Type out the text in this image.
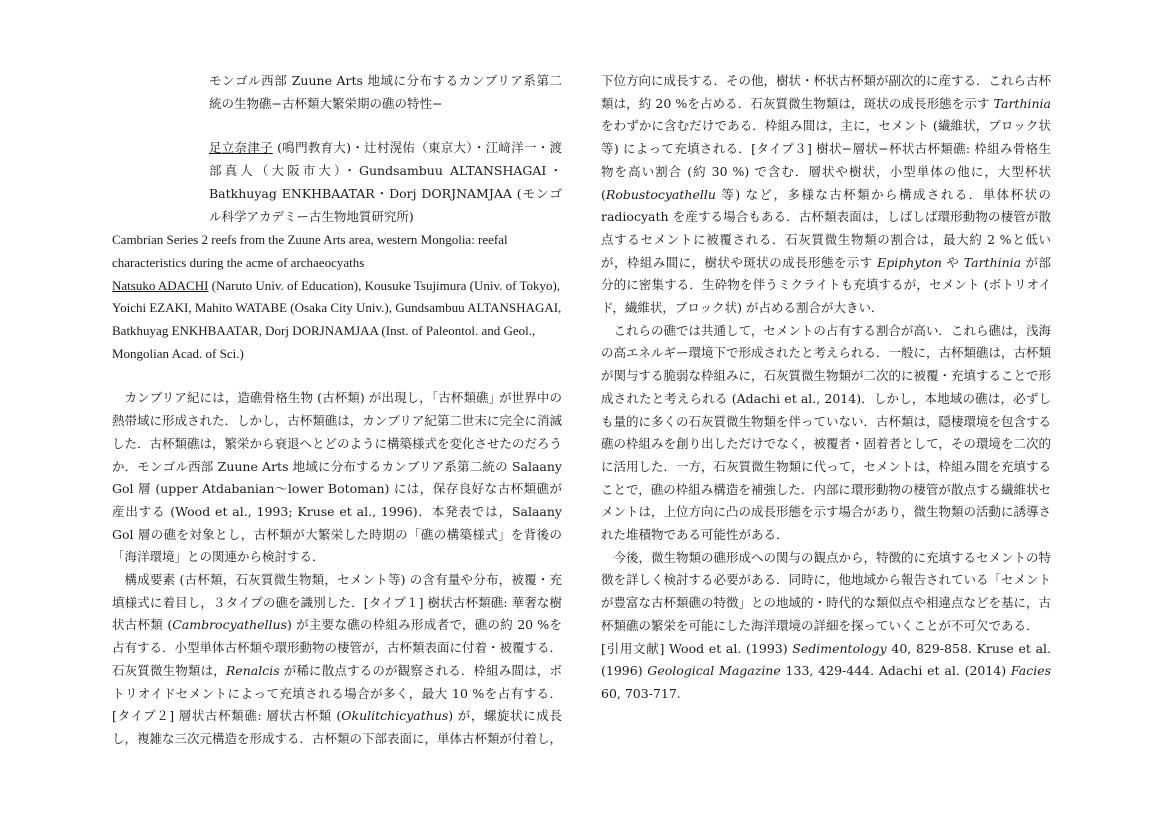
モンゴル西部 Zuune Arts 地域に分布するカンブリア系第二統の生物礁−古杯類大繁栄期の礁の特性−

足立奈津子 (鳴門教育大)・辻村滉佑（東京大）・江﨑洋一・渡部真人（大阪市大）・Gundsambuu ALTANSHAGAI・Batkhuyag ENKHBAATAR・Dorj DORJNAMJAA (モンゴル科学アカデミー古生物地質研究所)

Cambrian Series 2 reefs from the Zuune Arts area, western Mongolia: reefal characteristics during the acme of archaeocyaths

Natsuko ADACHI (Naruto Univ. of Education), Kousuke Tsujimura (Univ. of Tokyo), Yoichi EZAKI, Mahito WATABE (Osaka City Univ.), Gundsambuu ALTANSHAGAI, Batkhuyag ENKHBAATAR, Dorj DORJNAMJAA (Inst. of Paleontol. and Geol., Mongolian Acad. of Sci.)

カンブリア紀には，造礁骨格生物 (古杯類) が出現し，｢古杯類礁｣ が世界中の熱帯域に形成された．しかし，古杯類礁は，カンブリア紀第二世末に完全に消滅した．古杯類礁は，繁栄から衰退へとどのように構築様式を変化させたのだろうか．モンゴル西部 Zuune Arts 地域に分布するカンブリア系第二統の Salaany Gol 層 (upper Atdabanian〜lower Botoman) には，保存良好な古杯類礁が産出する (Wood et al., 1993; Kruse et al., 1996)．本発表では，Salaany Gol 層の礁を対象とし，古杯類が大繁栄した時期の「礁の構築様式」を背後の「海洋環境」との関連から検討する．

構成要素 (古杯類，石灰質微生物類，セメント等) の含有量や分布，被覆・充填様式に着目し，３タイプの礁を識別した．[タイプ１] 樹状古杯類礁: 華奢な樹状古杯類 (Cambrocyathellus) が主要な礁の枠組み形成者で，礁の約 20 %を占有する．小型単体古杯類や環形動物の棲管が，古杯類表面に付着・被覆する．石灰質微生物類は，Renalcis が稀に散点するのが観察される．枠組み間は，ボトリオイドセメントによって充填される場合が多く，最大 10 %を占有する．[タイプ２] 層状古杯類礁: 層状古杯類 (Okulitchicyathus) が，螺旋状に成長し，複雑な三次元構造を形成する．古杯類の下部表面に，単体古杯類が付着し，

下位方向に成長する．その他，樹状・杯状古杯類が副次的に産する．これら古杯類は，約 20 %を占める．石灰質微生物類は，斑状の成長形態を示す Tarthinia をわずかに含むだけである．枠組み間は，主に，セメント (繊維状，ブロック状等) によって充填される．[タイプ３] 樹状−層状−杯状古杯類礁: 枠組み骨格生物を高い割合 (約 30 %) で含む．層状や樹状，小型単体の他に，大型杯状 (Robustocyathellu 等) など，多様な古杯類から構成される．単体杯状の radiocyath を産する場合もある．古杯類表面は，しばしば環形動物の棲管が散点するセメントに被覆される．石灰質微生物類の割合は，最大約 2 %と低いが，枠組み間に，樹状や斑状の成長形態を示す Epiphyton や Tarthinia が部分的に密集する．生砕物を伴うミクライトも充填するが，セメント (ボトリオイド，繊維状，ブロック状) が占める割合が大きい．

これらの礁では共通して，セメントの占有する割合が高い．これら礁は，浅海の高エネルギー環境下で形成されたと考えられる．一般に，古杯類礁は，古杯類が関与する脆弱な枠組みに，石灰質微生物類が二次的に被覆・充填することで形成されたと考えられる (Adachi et al., 2014)．しかし，本地域の礁は，必ずしも量的に多くの石灰質微生物類を伴っていない．古杯類は，隠棲環境を包含する礁の枠組みを創り出しただけでなく，被覆者・固着者として，その環境を二次的に活用した．一方，石灰質微生物類に代って，セメントは，枠組み間を充填することで，礁の枠組み構造を補強した．内部に環形動物の棲管が散点する繊維状セメントは，上位方向に凸の成長形態を示す場合があり，微生物類の活動に誘導された堆積物である可能性がある．

今後，微生物類の礁形成への関与の観点から，特徴的に充填するセメントの特徴を詳しく検討する必要がある．同時に，他地域から報告されている「セメントが豊富な古杯類礁の特徴」との地域的・時代的な類似点や相違点などを基に，古杯類礁の繁栄を可能にした海洋環境の詳細を探っていくことが不可欠である．

[引用文献] Wood et al. (1993) Sedimentology 40, 829-858. Kruse et al. (1996) Geological Magazine 133, 429-444. Adachi et al. (2014) Facies 60, 703-717.
